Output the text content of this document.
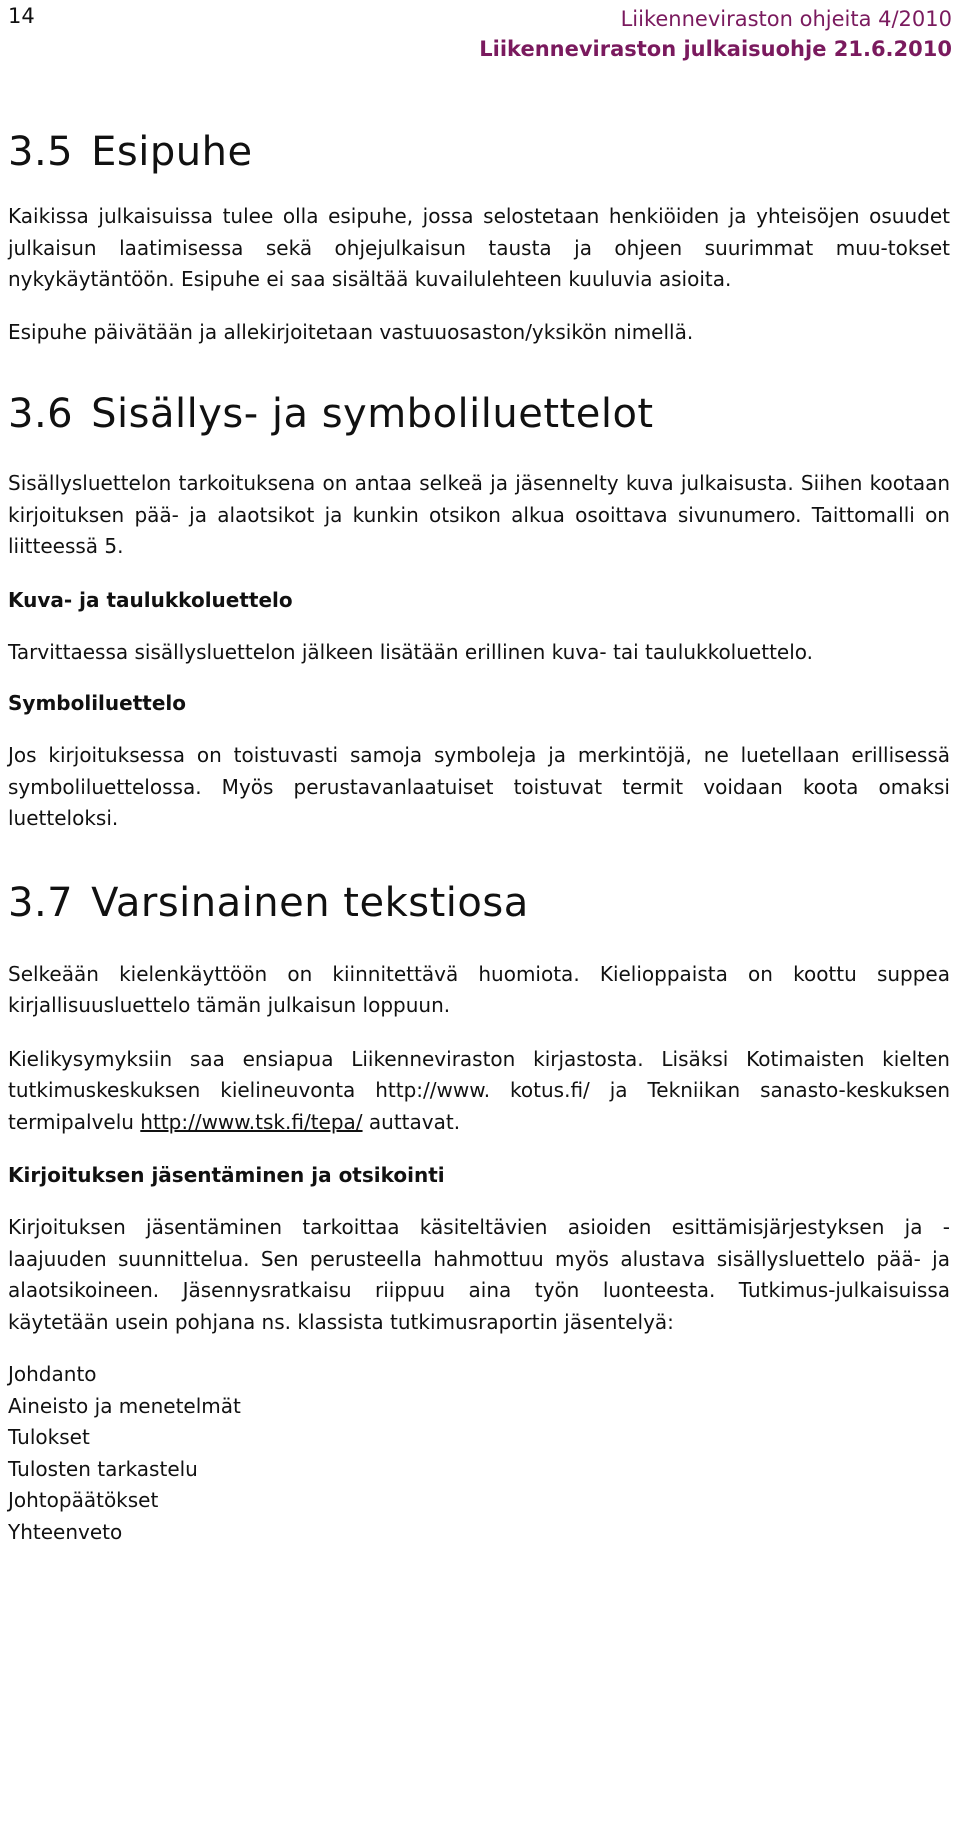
14	Liikenneviraston ohjeita 4/2010
Liikenneviraston julkaisuohje 21.6.2010
3.5 Esipuhe

Kaikissa julkaisuissa tulee olla esipuhe, jossa selostetaan henkiöiden ja yhteisöjen osuudet julkaisun laatimisessa sekä ohjejulkaisun tausta ja ohjeen suurimmat muu-tokset nykykäytäntöön. Esipuhe ei saa sisältää kuvailulehteen kuuluvia asioita.

Esipuhe päivätään ja allekirjoitetaan vastuuosaston/yksikön nimellä.

3.6 Sisällys- ja symboliluettelot

Sisällysluettelon tarkoituksena on antaa selkeä ja jäsennelty kuva julkaisusta. Siihen kootaan kirjoituksen pää- ja alaotsikot ja kunkin otsikon alkua osoittava sivunumero. Taittomalli on liitteessä 5.

Kuva- ja taulukkoluettelo

Tarvittaessa sisällysluettelon jälkeen lisätään erillinen kuva- tai taulukkoluettelo.

Symboliluettelo

Jos kirjoituksessa on toistuvasti samoja symboleja ja merkintöjä, ne luetellaan erillisessä symboliluettelossa. Myös perustavanlaatuiset toistuvat termit voidaan koota omaksi luetteloksi.

3.7 Varsinainen tekstiosa

Selkeään kielenkäyttöön on kiinnitettävä huomiota. Kielioppaista on koottu suppea kirjallisuusluettelo tämän julkaisun loppuun.

Kielikysymyksiin saa ensiapua Liikenneviraston kirjastosta. Lisäksi Kotimaisten kielten tutkimuskeskuksen kielineuvonta http://www. kotus.fi/ ja Tekniikan sanasto-keskuksen termipalvelu http://www.tsk.fi/tepa/ auttavat.

Kirjoituksen jäsentäminen ja otsikointi

Kirjoituksen jäsentäminen tarkoittaa käsiteltävien asioiden esittämisjärjestyksen ja -laajuuden suunnittelua. Sen perusteella hahmottuu myös alustava sisällysluettelo pää- ja alaotsikoineen. Jäsennysratkaisu riippuu aina työn luonteesta. Tutkimus-julkaisuissa käytetään usein pohjana ns. klassista tutkimusraportin jäsentelyä:

Johdanto
Aineisto ja menetelmät
Tulokset
Tulosten tarkastelu
Johtopäätökset
Yhteenveto
